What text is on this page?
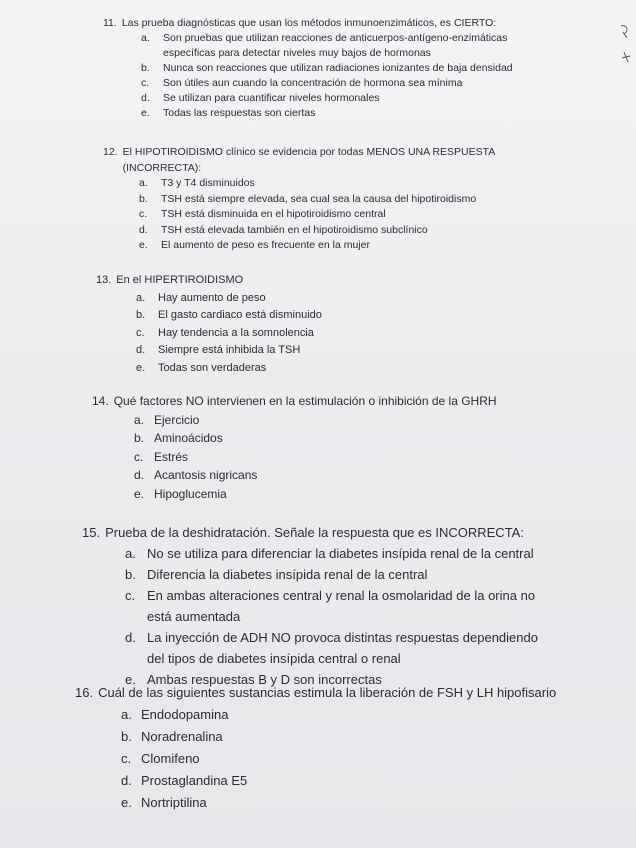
11. Las prueba diagnósticas que usan los métodos inmunoenzimáticos, es CIERTO:
a.	Son pruebas que utilizan reacciones de anticuerpos-antígeno-enzimáticas específicas para detectar niveles muy bajos de hormonas
b.	Nunca son reacciones que utilizan radiaciones ionizantes de baja densidad
c.	Son útiles aun cuando la concentración de hormona sea mínima
d.	Se utilizan para cuantificar niveles hormonales
e.	Todas las respuestas son ciertas
12. El HIPOTIROIDISMO clínico se evidencia por todas MENOS UNA RESPUESTA (INCORRECTA):
a.	T3 y T4 disminuidos
b.	TSH está siempre elevada, sea cual sea la causa del hipotiroidismo
c.	TSH está disminuida en el hipotiroidismo central
d.	TSH está elevada también en el hipotiroidismo subclínico
e.	El aumento de peso es frecuente en la mujer
13. En el HIPERTIROIDISMO
a.	Hay aumento de peso
b.	El gasto cardiaco está disminuido
c.	Hay tendencia a la somnolencia
d.	Siempre está inhibida la TSH
e.	Todas son verdaderas
14. Qué factores NO intervienen en la estimulación o inhibición de la GHRH
a. Ejercicio
b. Aminoácidos
c. Estrés
d. Acantosis nigricans
e. Hipoglucemia
15. Prueba de la deshidratación. Señale la respuesta que es INCORRECTA:
a. No se utiliza para diferenciar la diabetes insípida renal de la central
b. Diferencia la diabetes insípida renal de la central
c. En ambas alteraciones central y renal la osmolaridad de la orina no está aumentada
d. La inyección de ADH NO provoca distintas respuestas dependiendo del tipos de diabetes insípida central o renal
e. Ambas respuestas B y D son incorrectas
16. Cuál de las siguientes sustancias estimula la liberación de FSH y LH hipofisario
a. Endodopamina
b. Noradrenalina
c. Clomifeno
d. Prostaglandina E5
e. Nortriptilina
